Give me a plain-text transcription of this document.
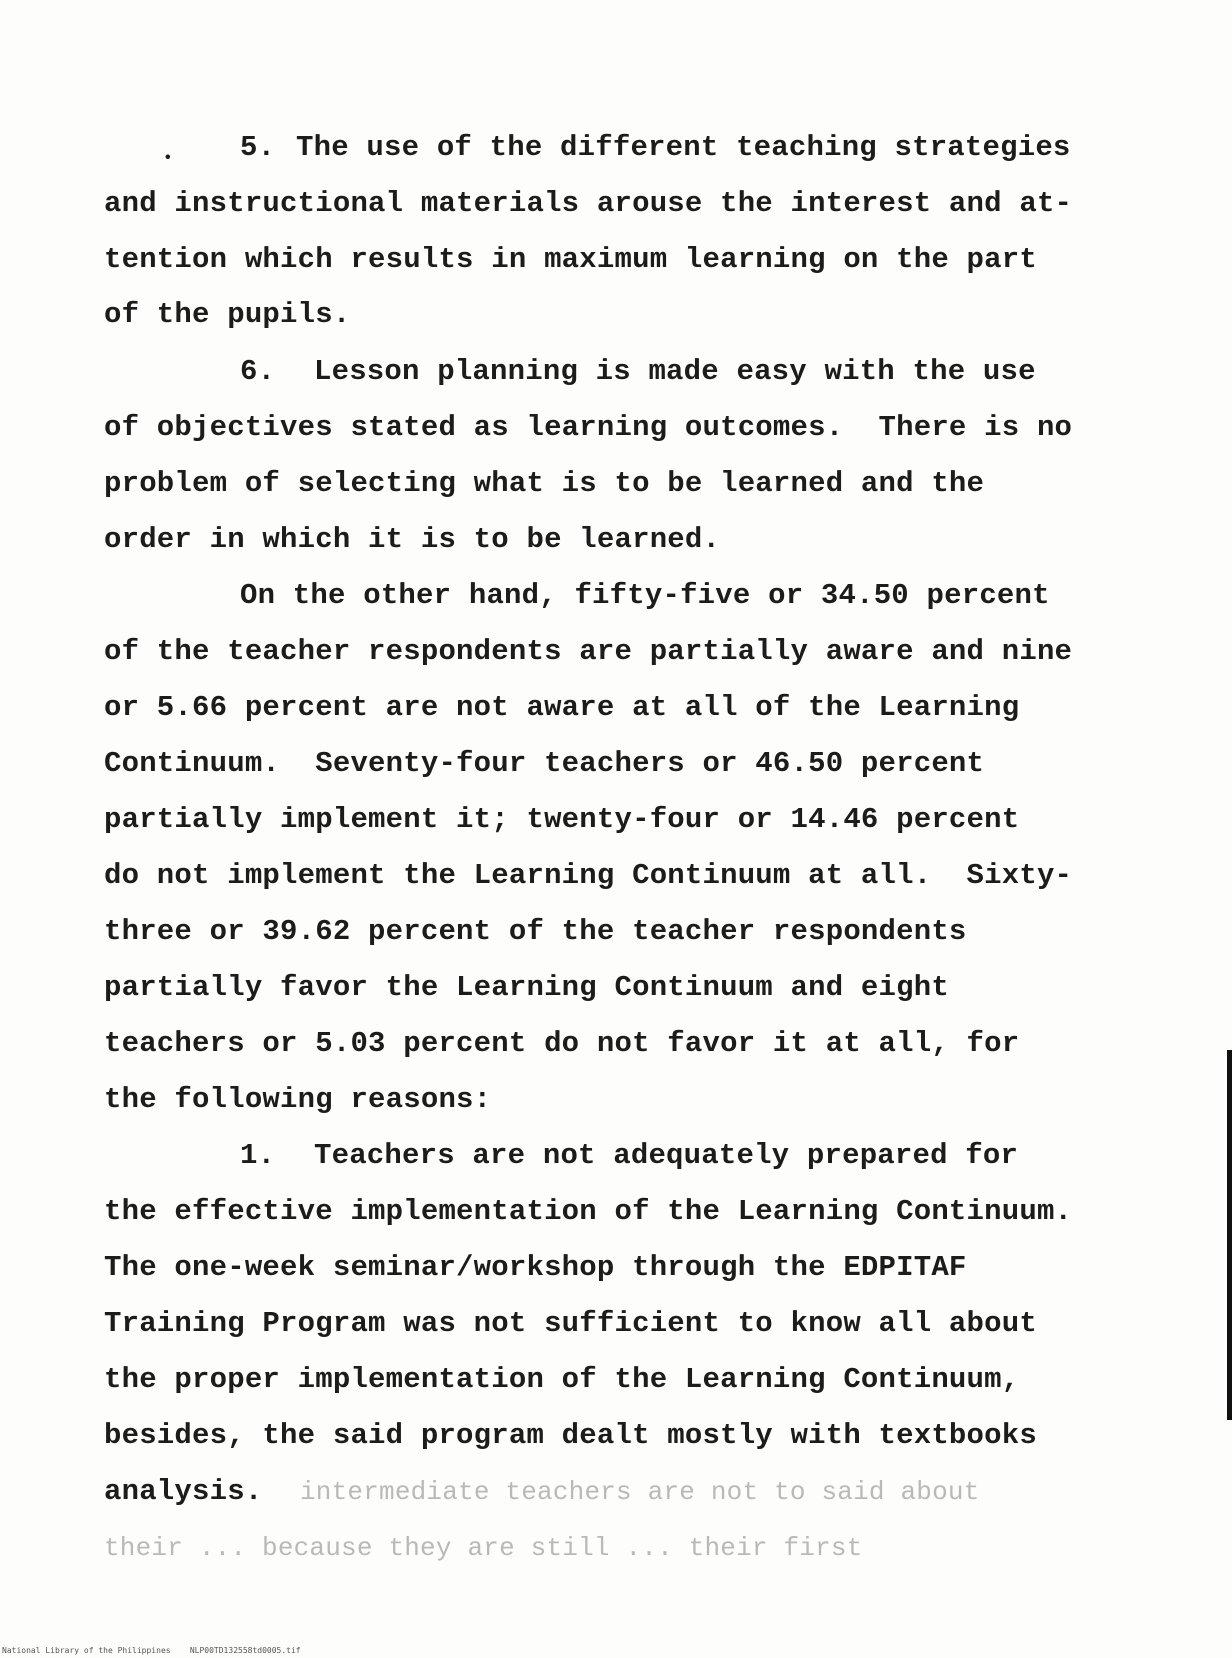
• 5. The use of the different teaching strategies
and instructional materials arouse the interest and at-
tention which results in maximum learning on the part
of the pupils.
6. Lesson planning is made easy with the use
of objectives stated as learning outcomes.  There is no
problem of selecting what is to be learned and the
order in which it is to be learned.
On the other hand, fifty-five or 34.50 percent
of the teacher respondents are partially aware and nine
or 5.66 percent are not aware at all of the Learning
Continuum.  Seventy-four teachers or 46.50 percent
partially implement it; twenty-four or 14.46 percent
do not implement the Learning Continuum at all.  Sixty-
three or 39.62 percent of the teacher respondents
partially favor the Learning Continuum and eight
teachers or 5.03 percent do not favor it at all, for
the following reasons:
1. Teachers are not adequately prepared for
the effective implementation of the Learning Continuum.
The one-week seminar/workshop through the EDPITAF
Training Program was not sufficient to know all about
the proper implementation of the Learning Continuum,
besides, the said program dealt mostly with textbooks
analysis. intermediate teachers are not to said about
their ... because they are still ... their first
National Library of the Philippines    NLP00TD132558td0005.tif
